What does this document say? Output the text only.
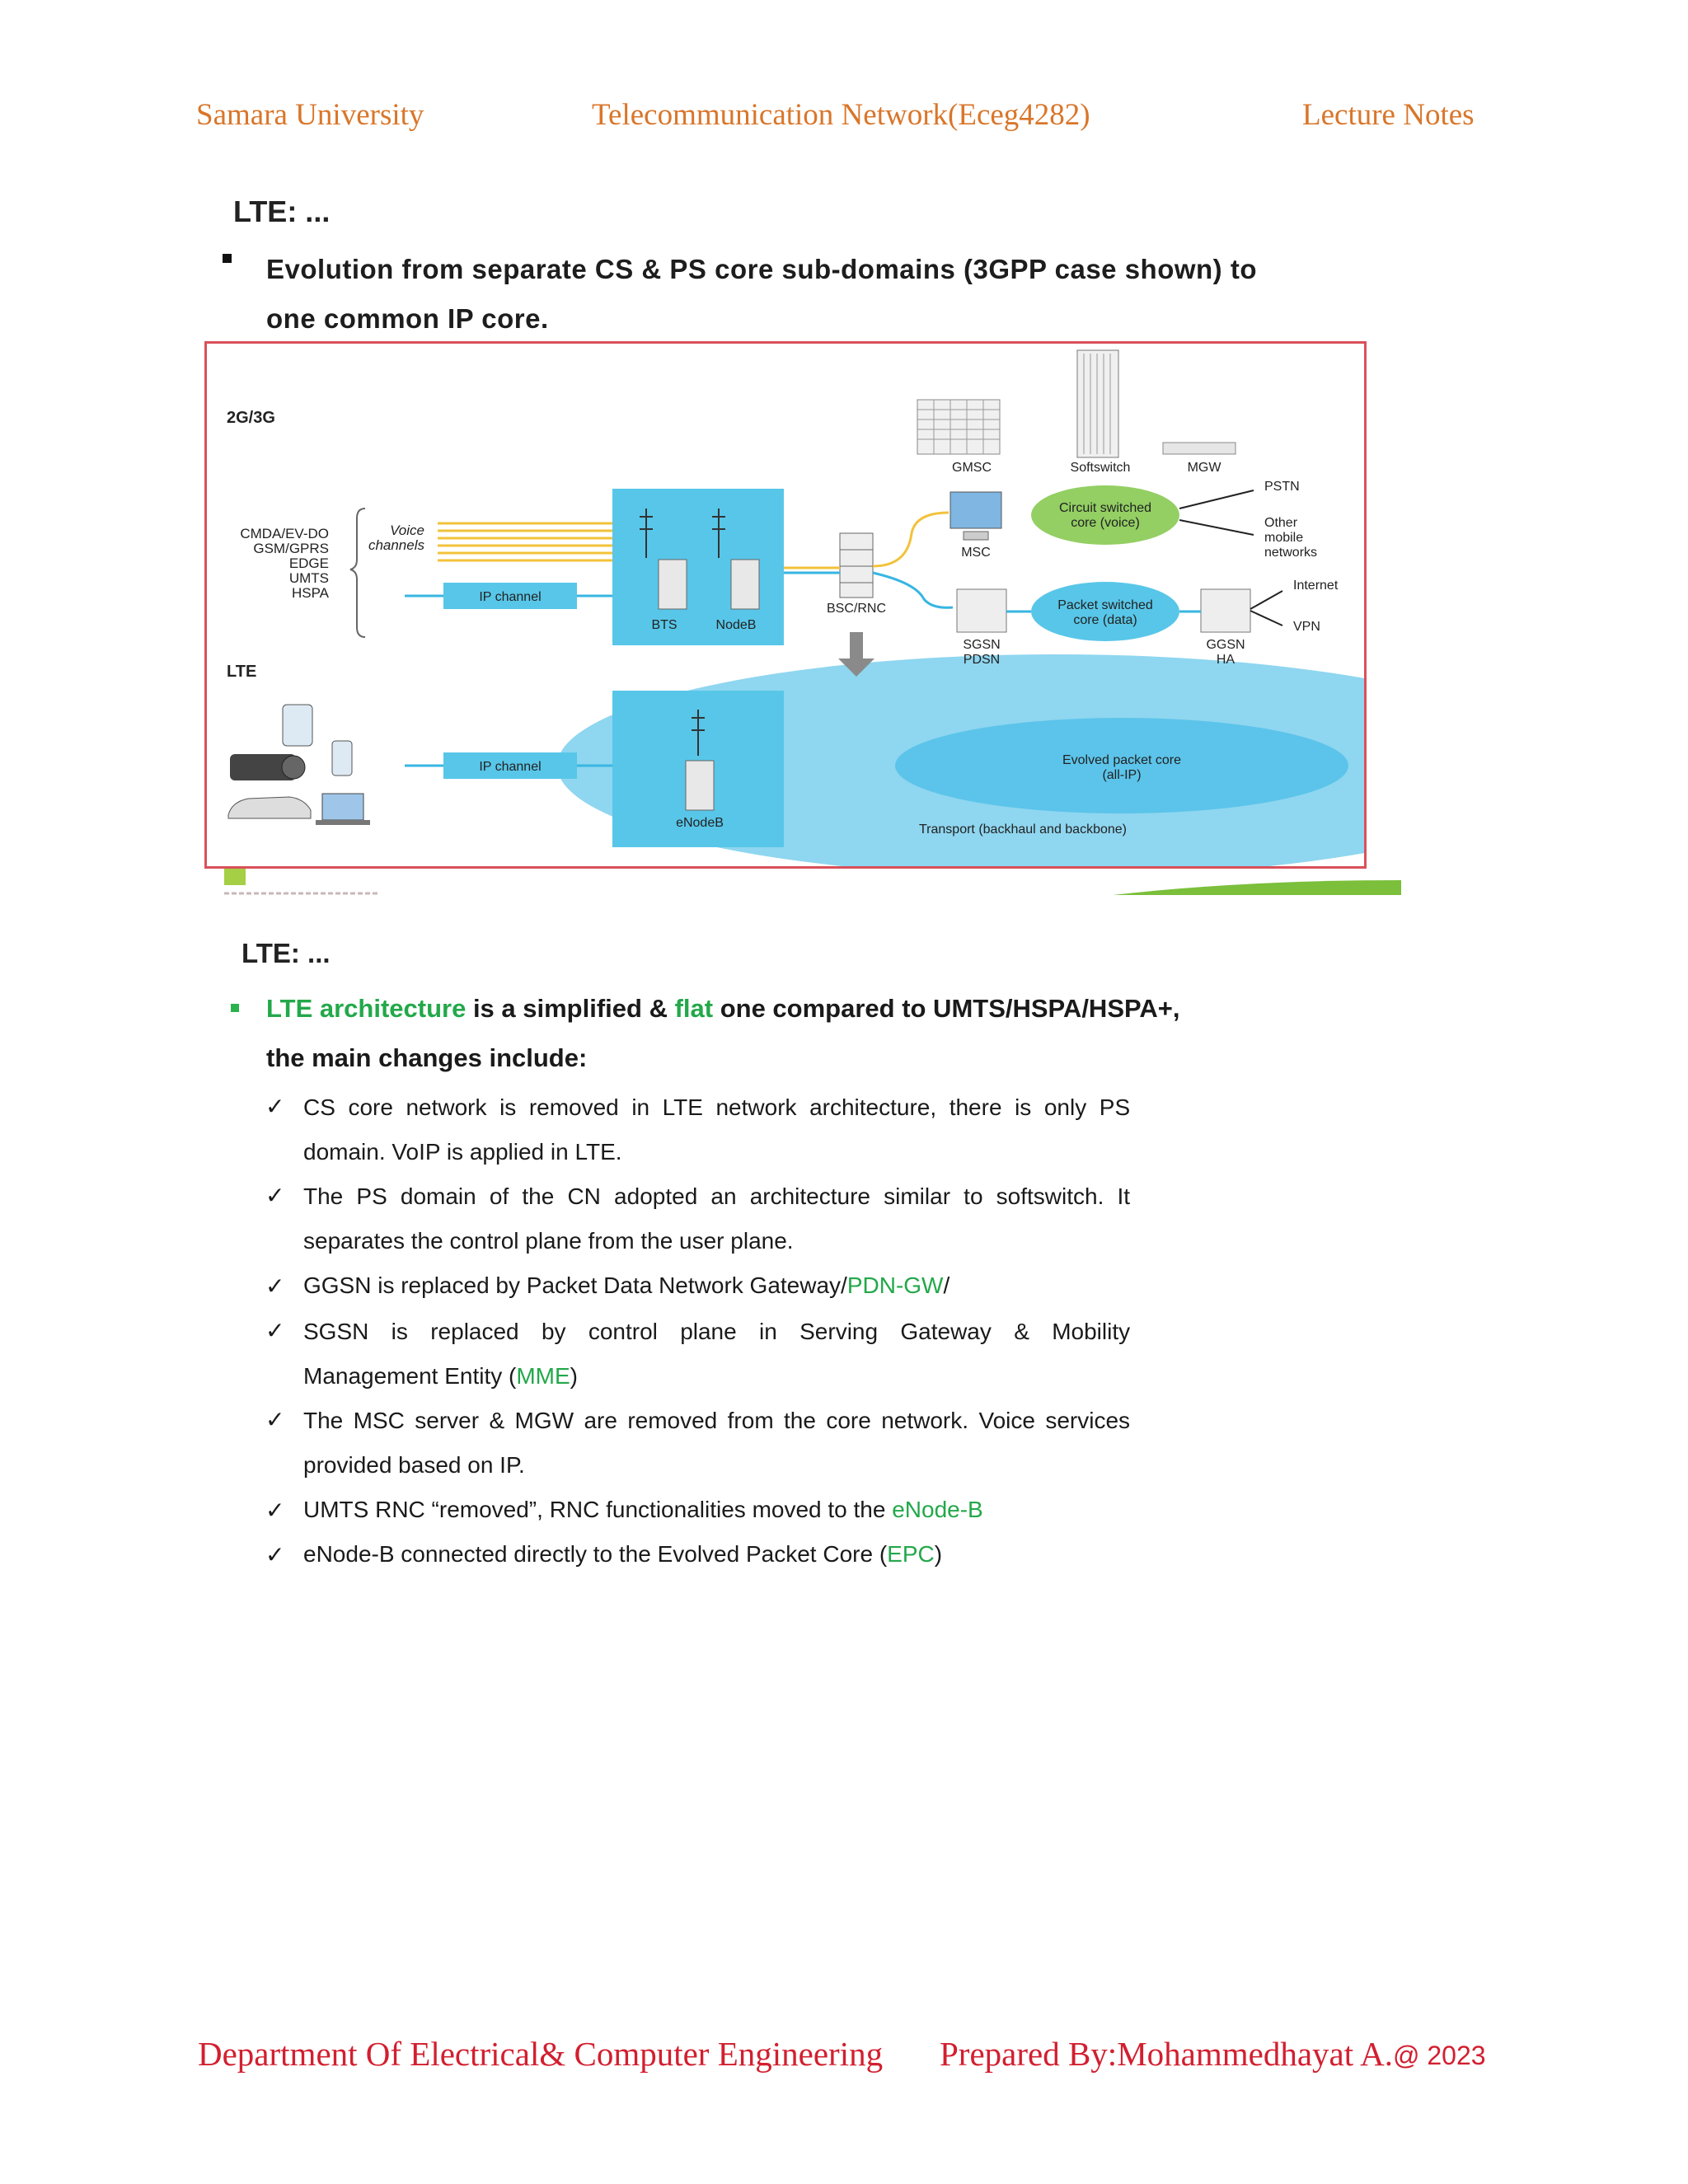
Samara University	Telecommunication Network(Eceg4282)	Lecture Notes
LTE: ...
Evolution from separate CS & PS core sub-domains (3GPP case shown) to
one common IP core.
2G/3G
LTE
CMDA/EV-DO
GSM/GPRS
EDGE
UMTS
HSPA
Voice
channels
IP channel
IP channel
BTS	NodeB
eNodeB
BSC/RNC
GMSC	Softswitch	MGW
MSC
Circuit switched
core (voice)
Packet switched
core (data)
SGSN
PDSN
GGSN
HA
PSTN
Other
mobile
networks
Internet
VPN
Evolved packet core
(all-IP)
Transport (backhaul and backbone)
LTE: ...
LTE architecture is a simplified & flat one compared to UMTS/HSPA/HSPA+,
the main changes include:
✓ CS core network is removed in LTE network architecture, there is only PS
domain. VoIP is applied in LTE.
✓ The PS domain of the CN adopted an architecture similar to softswitch. It
separates the control plane from the user plane.
✓ GGSN is replaced by Packet Data Network Gateway/PDN-GW/
✓ SGSN is replaced by control plane in Serving Gateway & Mobility
Management Entity (MME)
✓ The MSC server & MGW are removed from the core network. Voice services
provided based on IP.
✓ UMTS RNC “removed”, RNC functionalities moved to the eNode-B
✓ eNode-B connected directly to the Evolved Packet Core (EPC)
Department Of Electrical& Computer Engineering Prepared By:Mohammedhayat A. @ 2023
